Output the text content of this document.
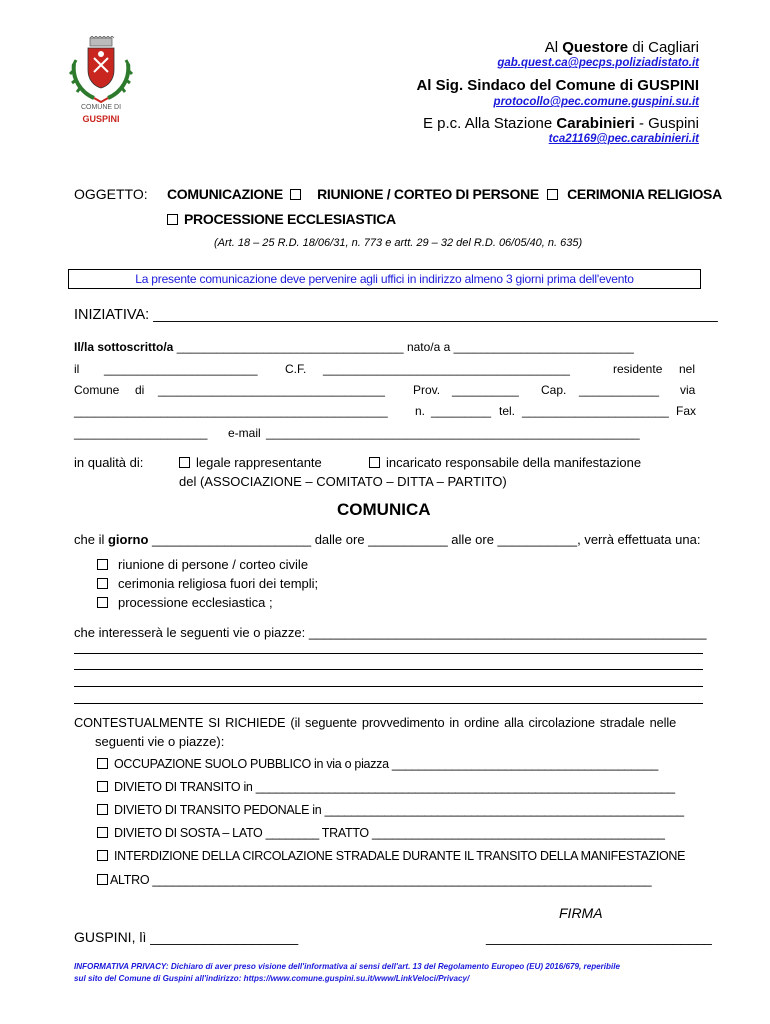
COMUNE DI
GUSPINI
Al Questore di Cagliari
gab.quest.ca@pecps.poliziadistato.it
Al Sig. Sindaco del Comune di GUSPINI
protocollo@pec.comune.guspini.su.it
E p.c. Alla Stazione Carabinieri - Guspini
tca21169@pec.carabinieri.it
OGGETTO: COMUNICAZIONE RIUNIONE / CORTEO DI PERSONE CERIMONIA RELIGIOSA
PROCESSIONE ECCLESIASTICA
(Art. 18 – 25 R.D. 18/06/31, n. 773 e artt. 29 – 32 del R.D. 06/05/40, n. 635)
La presente comunicazione deve pervenire agli uffici in indirizzo almeno 3 giorni prima dell'evento
INIZIATIVA: ______________________________________________________________________
Il/la sottoscritto/a __________________________________ nato/a a ___________________________
il _______________________ C.F. _____________________________________	residente nel
Comune di __________________________________ Prov. __________ Cap. ____________ via
_______________________________________________ n. _________ tel. ______________________ Fax
____________________ e-mail ________________________________________________________
in qualità di:	legale rappresentante	incaricato responsabile della manifestazione
del (ASSOCIAZIONE – COMITATO – DITTA – PARTITO)
COMUNICA
che il giorno ______________________ dalle ore ___________ alle ore ___________, verrà effettuata una:
riunione di persone / corteo civile
cerimonia religiosa fuori dei templi;
processione ecclesiastica ;
che interesserà le seguenti vie o piazze: _______________________________________________________
CONTESTUALMENTE SI RICHIEDE (il seguente provvedimento in ordine alla circolazione stradale nelle
seguenti vie o piazze):
OCCUPAZIONE SUOLO PUBBLICO in via o piazza ________________________________________
DIVIETO DI TRANSITO in _______________________________________________________________
DIVIETO DI TRANSITO PEDONALE in ______________________________________________________
DIVIETO DI SOSTA – LATO ________ TRATTO ____________________________________________
INTERDIZIONE DELLA CIRCOLAZIONE STRADALE DURANTE IL TRANSITO DELLA MANIFESTAZIONE
ALTRO ___________________________________________________________________________
FIRMA
GUSPINI, lì ___________________	_____________________________
INFORMATIVA PRIVACY: Dichiaro di aver preso visione dell'informativa ai sensi dell'art. 13 del Regolamento Europeo (EU) 2016/679, reperibile
sul sito del Comune di Guspini all'indirizzo: https://www.comune.guspini.su.it/www/LinkVeloci/Privacy/
